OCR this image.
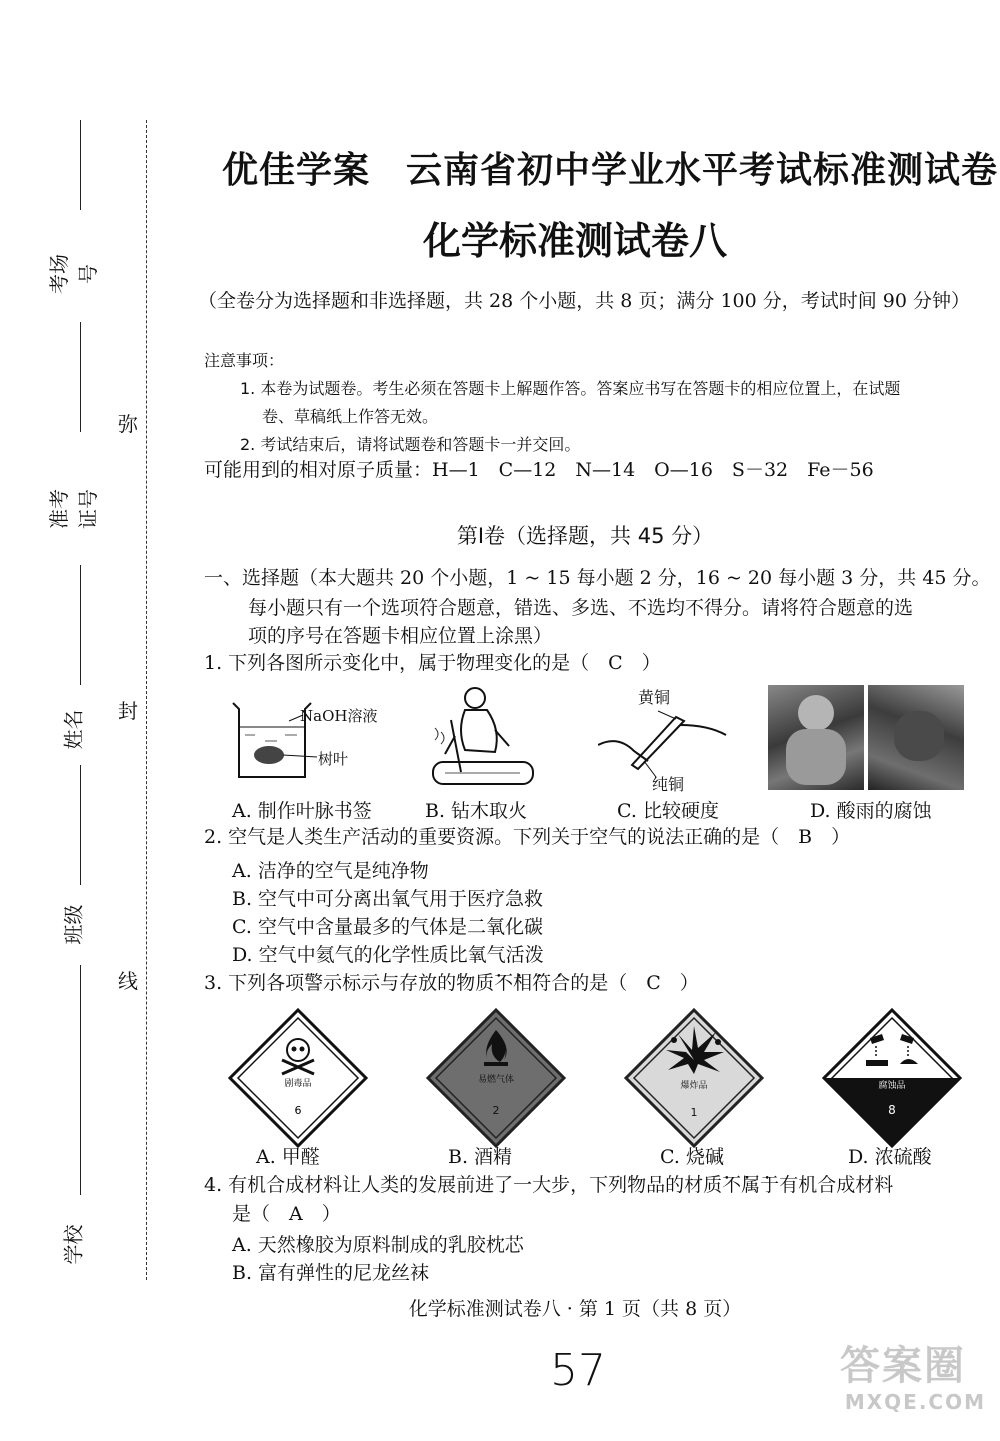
考场号
准考证号
姓名
班级
学校
弥
封
线
优佳学案 云南省初中学业水平考试标准测试卷
化学标准测试卷八
（全卷分为选择题和非选择题，共 28 个小题，共 8 页；满分 100 分，考试时间 90 分钟）
注意事项：
1. 本卷为试题卷。考生必须在答题卡上解题作答。答案应书写在答题卡的相应位置上，在试题
卷、草稿纸上作答无效。
2. 考试结束后，请将试题卷和答题卡一并交回。
可能用到的相对原子质量：H—1　C—12　N—14　O—16　S－32　Fe－56
第Ⅰ卷（选择题，共 45 分）
一、选择题（本大题共 20 个小题，1 ~ 15 每小题 2 分，16 ~ 20 每小题 3 分，共 45 分。
每小题只有一个选项符合题意，错选、多选、不选均不得分。请将符合题意的选
项的序号在答题卡相应位置上涂黑）
1. 下列各图所示变化中，属于物理变化的是（　C　）
NaOH溶液
树叶
黄铜
纯铜
A. 制作叶脉书签	B. 钻木取火	C. 比较硬度	D. 酸雨的腐蚀
2. 空气是人类生产活动的重要资源。下列关于空气的说法正确的是（　B　）
A. 洁净的空气是纯净物
B. 空气中可分离出氧气用于医疗急救
C. 空气中含量最多的气体是二氧化碳
D. 空气中氦气的化学性质比氧气活泼
3. 下列各项警示标示与存放的物质不相符合 • • • •的是（　C　）
剧毒品
6
易燃气体
2
爆炸品
1
腐蚀品
8
A. 甲醛	B. 酒精	C. 烧碱	D. 浓硫酸
4. 有机合成材料让人类的发展前进了一大步，下列物品的材质不属于 • • •有机合成材料
是（　A　）
A. 天然橡胶为原料制成的乳胶枕芯
B. 富有弹性的尼龙丝袜
化学标准测试卷八 · 第 1 页（共 8 页）
57	答案圈
MXQE.COM
